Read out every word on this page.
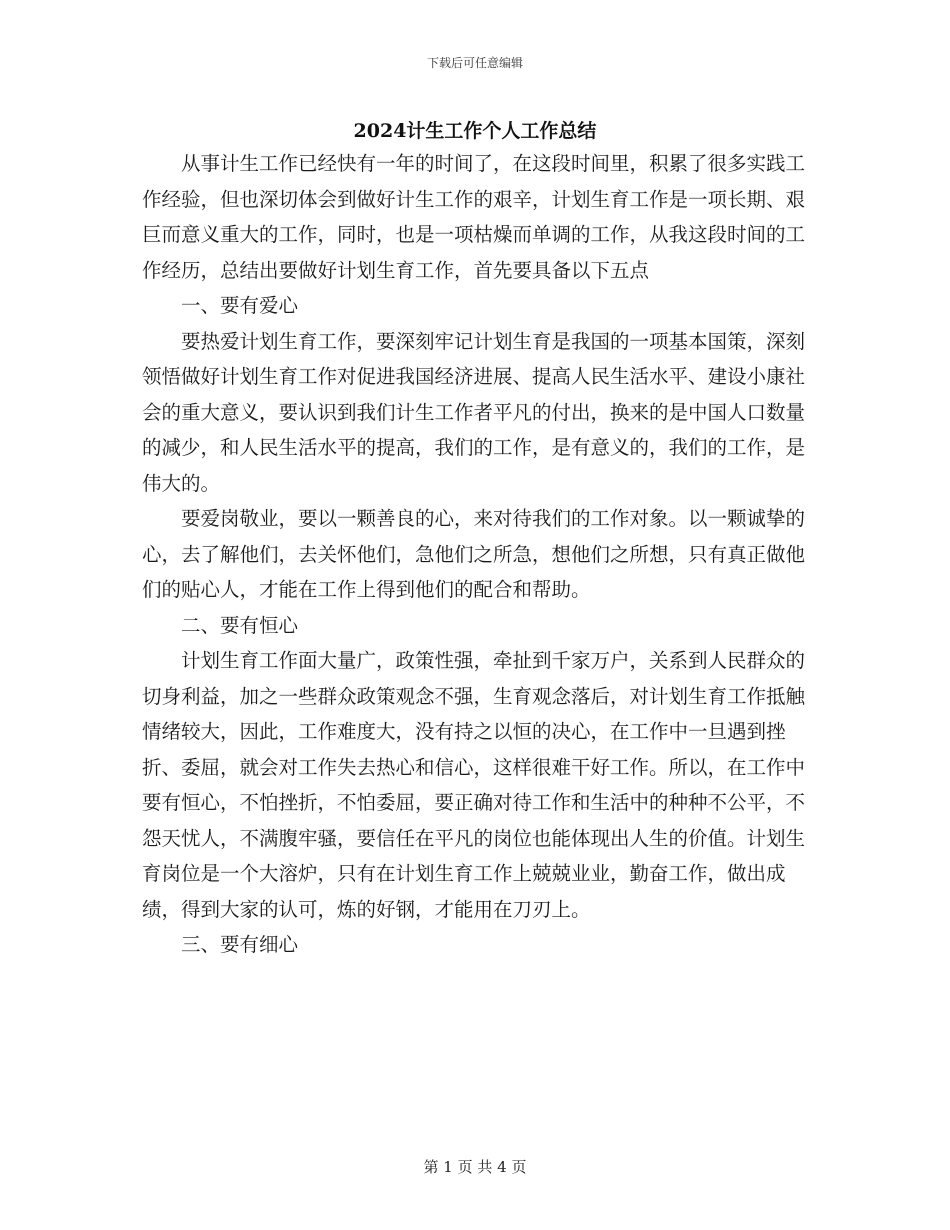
下载后可任意编辑
2024计生工作个人工作总结

从事计生工作已经快有一年的时间了，在这段时间里，积累了很多实践工作经验，但也深切体会到做好计生工作的艰辛，计划生育工作是一项长期、艰巨而意义重大的工作，同时，也是一项枯燥而单调的工作，从我这段时间的工作经历，总结出要做好计划生育工作，首先要具备以下五点

一、要有爱心

要热爱计划生育工作，要深刻牢记计划生育是我国的一项基本国策，深刻领悟做好计划生育工作对促进我国经济进展、提高人民生活水平、建设小康社会的重大意义，要认识到我们计生工作者平凡的付出，换来的是中国人口数量的减少，和人民生活水平的提高，我们的工作，是有意义的，我们的工作，是伟大的。

要爱岗敬业，要以一颗善良的心，来对待我们的工作对象。以一颗诚挚的心，去了解他们，去关怀他们，急他们之所急，想他们之所想，只有真正做他们的贴心人，才能在工作上得到他们的配合和帮助。

二、要有恒心

计划生育工作面大量广，政策性强，牵扯到千家万户，关系到人民群众的切身利益，加之一些群众政策观念不强，生育观念落后，对计划生育工作抵触情绪较大，因此，工作难度大，没有持之以恒的决心，在工作中一旦遇到挫折、委屈，就会对工作失去热心和信心，这样很难干好工作。所以，在工作中要有恒心，不怕挫折，不怕委屈，要正确对待工作和生活中的种种不公平，不怨天忧人，不满腹牢骚，要信任在平凡的岗位也能体现出人生的价值。计划生育岗位是一个大溶炉，只有在计划生育工作上兢兢业业，勤奋工作，做出成绩，得到大家的认可，炼的好钢，才能用在刀刃上。

三、要有细心

第 1 页 共 4 页
